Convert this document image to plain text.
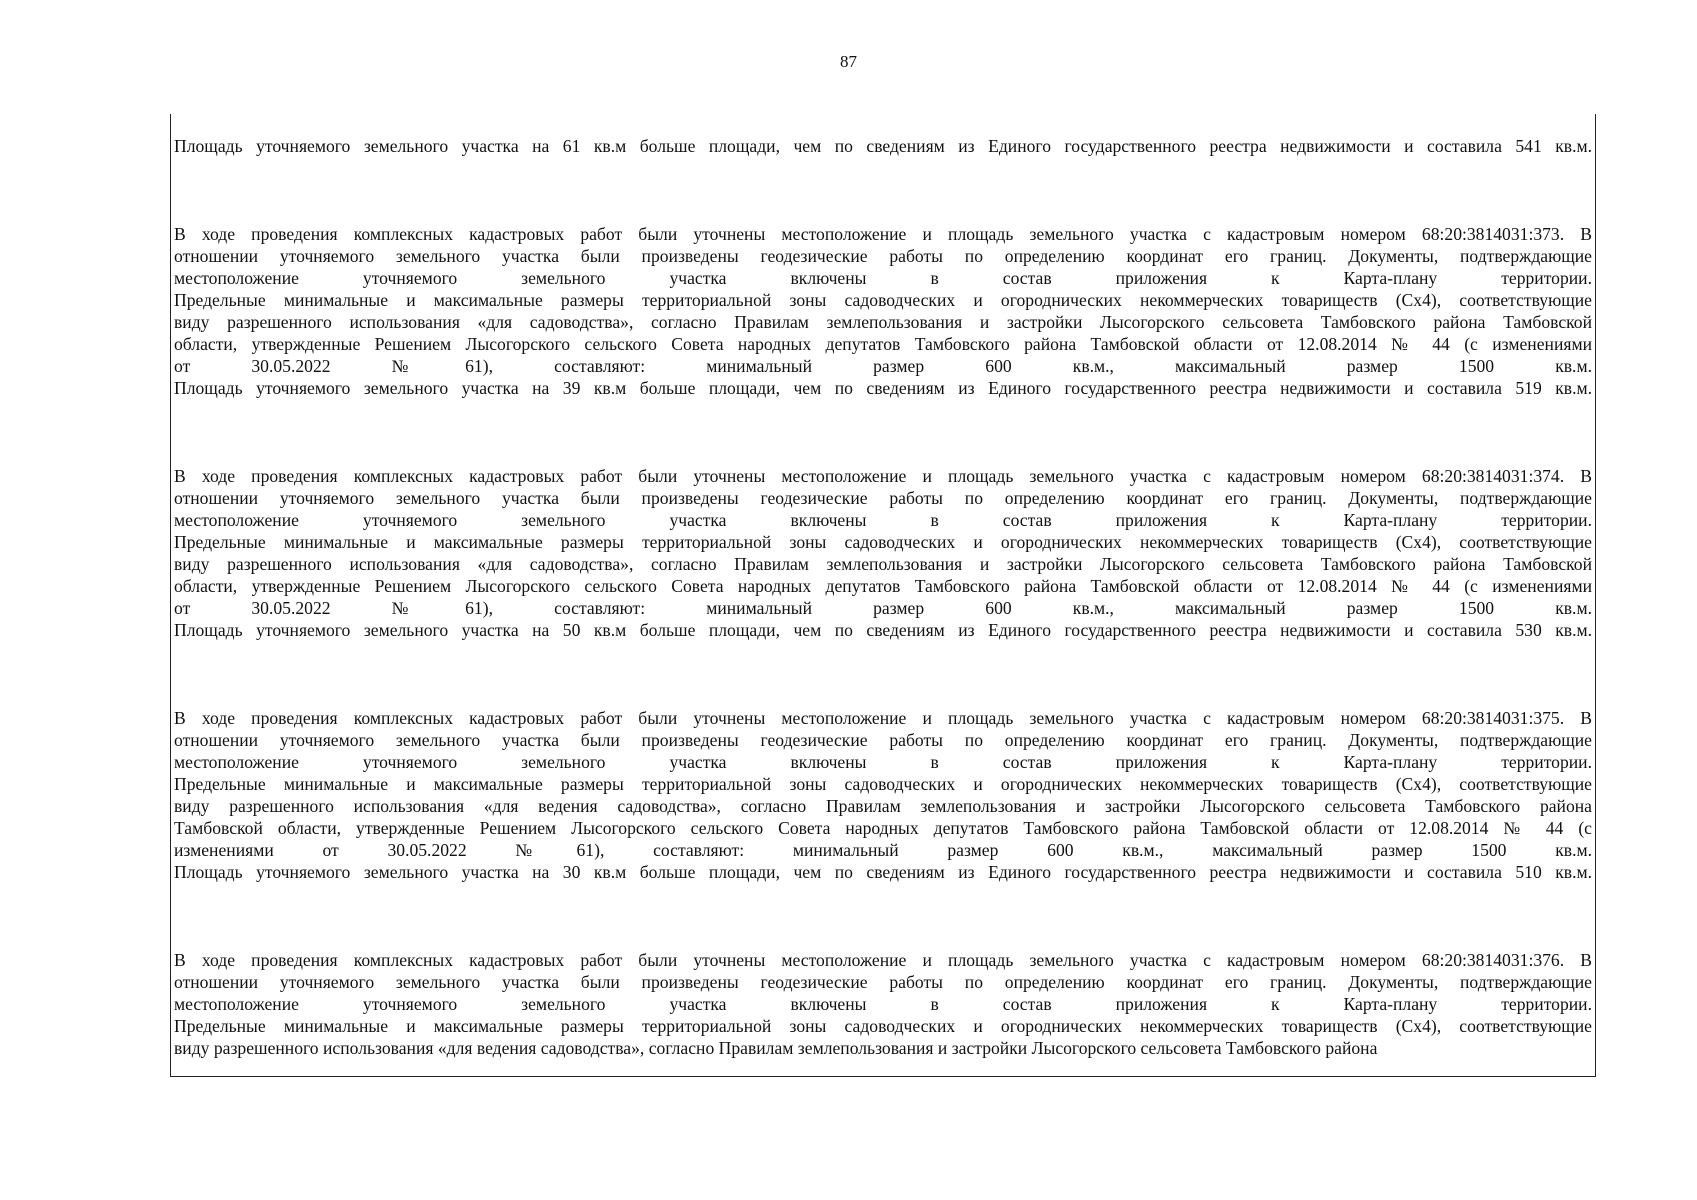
87
Площадь уточняемого земельного участка на 61 кв.м больше площади, чем по сведениям из Единого государственного реестра недвижимости и составила 541 кв.м.
В ходе проведения комплексных кадастровых работ были уточнены местоположение и площадь земельного участка с кадастровым номером 68:20:3814031:373. В
отношении уточняемого земельного участка были произведены геодезические работы по определению координат его границ. Документы, подтверждающие
местоположение уточняемого земельного участка включены в состав приложения к Карта-плану территории.
Предельные минимальные и максимальные размеры территориальной зоны садоводческих и огороднических некоммерческих товариществ (Сх4), соответствующие
виду разрешенного использования «для садоводства», согласно Правилам землепользования и застройки Лысогорского сельсовета Тамбовского района Тамбовской
области, утвержденные Решением Лысогорского сельского Совета народных депутатов Тамбовского района Тамбовской области от 12.08.2014 № 44 (с изменениями
от 30.05.2022 №61), составляют: минимальный размер 600 кв.м., максимальный размер 1500 кв.м.
Площадь уточняемого земельного участка на 39 кв.м больше площади, чем по сведениям из Единого государственного реестра недвижимости и составила 519 кв.м.
В ходе проведения комплексных кадастровых работ были уточнены местоположение и площадь земельного участка с кадастровым номером 68:20:3814031:374. В
отношении уточняемого земельного участка были произведены геодезические работы по определению координат его границ. Документы, подтверждающие
местоположение уточняемого земельного участка включены в состав приложения к Карта-плану территории.
Предельные минимальные и максимальные размеры территориальной зоны садоводческих и огороднических некоммерческих товариществ (Сх4), соответствующие
виду разрешенного использования «для садоводства», согласно Правилам землепользования и застройки Лысогорского сельсовета Тамбовского района Тамбовской
области, утвержденные Решением Лысогорского сельского Совета народных депутатов Тамбовского района Тамбовской области от 12.08.2014 № 44 (с изменениями
от 30.05.2022 №61), составляют: минимальный размер 600 кв.м., максимальный размер 1500 кв.м.
Площадь уточняемого земельного участка на 50 кв.м больше площади, чем по сведениям из Единого государственного реестра недвижимости и составила 530 кв.м.
В ходе проведения комплексных кадастровых работ были уточнены местоположение и площадь земельного участка с кадастровым номером 68:20:3814031:375. В
отношении уточняемого земельного участка были произведены геодезические работы по определению координат его границ. Документы, подтверждающие
местоположение уточняемого земельного участка включены в состав приложения к Карта-плану территории.
Предельные минимальные и максимальные размеры территориальной зоны садоводческих и огороднических некоммерческих товариществ (Сх4), соответствующие
виду разрешенного использования «для ведения садоводства», согласно Правилам землепользования и застройки Лысогорского сельсовета Тамбовского района
Тамбовской области, утвержденные Решением Лысогорского сельского Совета народных депутатов Тамбовского района Тамбовской области от 12.08.2014 № 44 (с
изменениями от 30.05.2022 №61), составляют: минимальный размер 600 кв.м., максимальный размер 1500 кв.м.
Площадь уточняемого земельного участка на 30 кв.м больше площади, чем по сведениям из Единого государственного реестра недвижимости и составила 510 кв.м.
В ходе проведения комплексных кадастровых работ были уточнены местоположение и площадь земельного участка с кадастровым номером 68:20:3814031:376. В
отношении уточняемого земельного участка были произведены геодезические работы по определению координат его границ. Документы, подтверждающие
местоположение уточняемого земельного участка включены в состав приложения к Карта-плану территории.
Предельные минимальные и максимальные размеры территориальной зоны садоводческих и огороднических некоммерческих товариществ (Сх4), соответствующие
виду разрешенного использования «для ведения садоводства», согласно Правилам землепользования и застройки Лысогорского сельсовета Тамбовского района
